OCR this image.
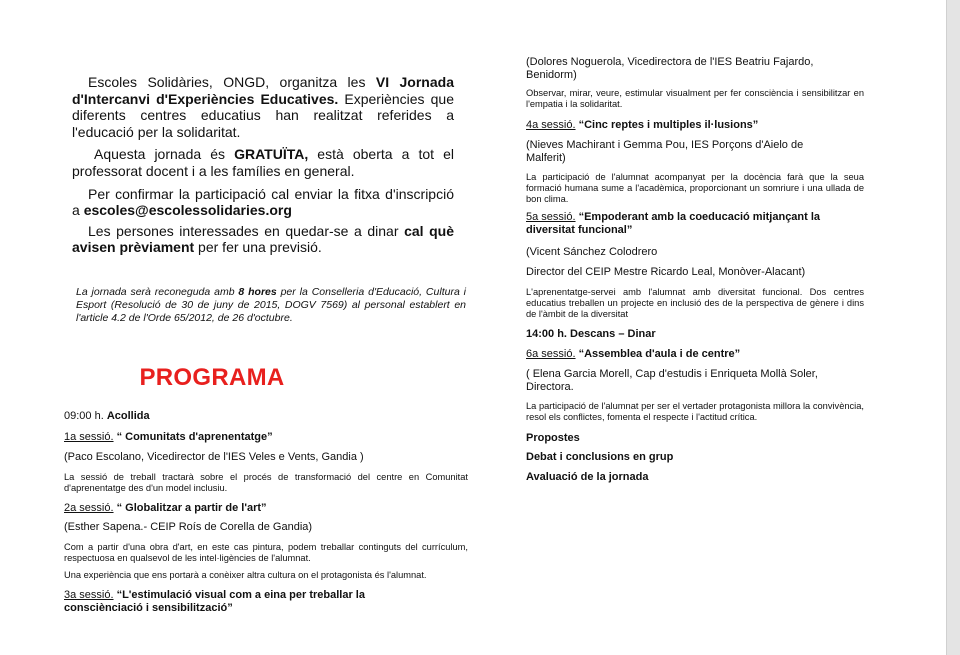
Escoles Solidàries, ONGD, organitza les VI Jornada d'Intercanvi d'Experiències Educatives. Experiències que diferents centres educatius han realitzat referides a l'educació per la solidaritat.

Aquesta jornada és GRATUÏTA, està oberta a tot el professorat docent i a les famílies en general.

Per confirmar la participació cal enviar la fitxa d'inscripció a escoles@escolessolidaries.org

Les persones interessades en quedar-se a dinar cal què avisen prèviament per fer una previsió.

La jornada serà reconeguda amb 8 hores per la Conselleria d'Educació, Cultura i Esport (Resolució de 30 de juny de 2015, DOGV 7569) al personal establert en l'article 4.2 de l'Orde 65/2012, de 26 d'octubre.
PROGRAMA
09:00 h. Acollida
1a sessió. “ Comunitats d'aprenentatge”
(Paco Escolano, Vicedirector de l'IES Veles e Vents, Gandia )
La sessió de treball tractarà sobre el procés de transformació del centre en Comunitat d'aprenentatge des d'un model inclusiu.
2a sessió. “ Globalitzar a partir de l'art”
(Esther Sapena.- CEIP Roís de Corella de Gandia)
Com a partir d'una obra d'art, en este cas pintura, podem treballar continguts del currículum, respectuosa en qualsevol de les intel·ligències de l'alumnat.
Una experiència que ens portarà a conèixer altra cultura on el protagonista és l'alumnat.
3a sessió. “L'estimulació visual com a eina per treballar la consciènciació i sensibilització”
(Dolores Noguerola, Vicedirectora de l'IES Beatriu Fajardo, Benidorm)
Observar, mirar, veure, estimular visualment per fer consciència i sensibilitzar en l'empatia i la solidaritat.
4a sessió. “Cinc reptes i multiples il·lusions”
(Nieves Machirant i Gemma Pou, IES Porçons d'Aielo de Malferit)
La participació de l'alumnat acompanyat per la docència farà que la seua formació humana sume a l'acadèmica, proporcionant un somriure i una ullada de bon clima.
5a sessió. “Empoderant amb la coeducació mitjançant la diversitat funcional”
(Vicent Sánchez Colodrero
Director del CEIP Mestre Ricardo Leal, Monòver-Alacant)
L'aprenentatge-servei amb l'alumnat amb diversitat funcional. Dos centres educatius treballen un projecte en inclusió des de la perspectiva de gènere i dins de l'àmbit de la diversitat
14:00 h. Descans – Dinar
6a sessió. “Assemblea d'aula i de centre”
( Elena Garcia Morell, Cap d'estudis i Enriqueta Mollà Soler, Directora.
La participació de l'alumnat per ser el vertader protagonista millora la convivència, resol els conflictes, fomenta el respecte i l'actitud crítica.
Propostes
Debat i conclusions en grup
Avaluació de la jornada
